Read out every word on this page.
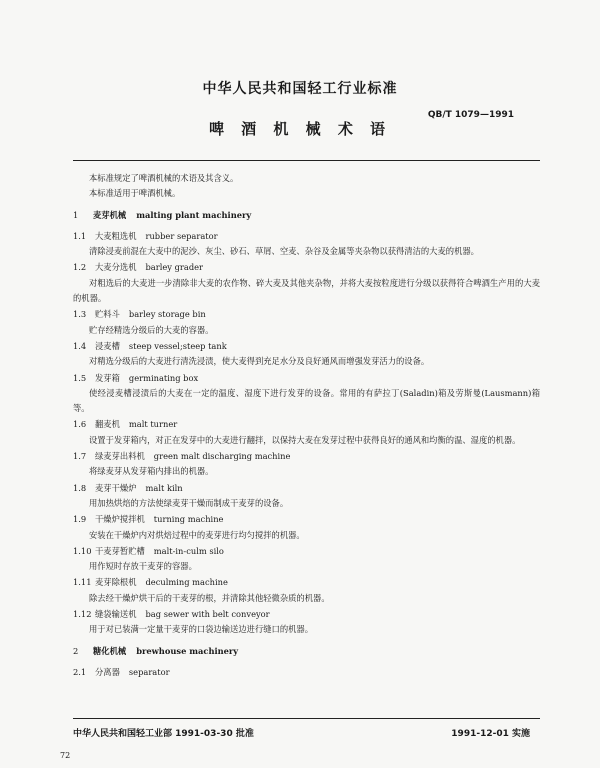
中华人民共和国轻工行业标准
QB/T 1079—1991
啤 酒 机 械 术 语
本标准规定了啤酒机械的术语及其含义。
本标准适用于啤酒机械。
1 麦芽机械 malting plant machinery
1.1 大麦粗选机 rubber separator
清除浸麦前混在大麦中的泥沙、灰尘、砂石、草屑、空麦、杂谷及金属等夹杂物以获得清洁的大麦的机器。
1.2 大麦分选机 barley grader
对粗选后的大麦进一步清除非大麦的农作物、碎大麦及其他夹杂物，并将大麦按粒度进行分级以获得符合啤酒生产用的大麦的机器。
1.3 贮料斗 barley storage bin
贮存经精选分级后的大麦的容器。
1.4 浸麦槽 steep vessel;steep tank
对精选分级后的大麦进行清洗浸渍，使大麦得到充足水分及良好通风而增强发芽活力的设备。
1.5 发芽箱 germinating box
使经浸麦槽浸渍后的大麦在一定的温度、湿度下进行发芽的设备。常用的有萨拉丁(Saladin)箱及劳斯曼(Lausmann)箱等。
1.6 翻麦机 malt turner
设置于发芽箱内，对正在发芽中的大麦进行翻拌，以保持大麦在发芽过程中获得良好的通风和均衡的温、湿度的机器。
1.7 绿麦芽出料机 green malt discharging machine
将绿麦芽从发芽箱内排出的机器。
1.8 麦芽干燥炉 malt kiln
用加热烘焙的方法使绿麦芽干燥而制成干麦芽的设备。
1.9 干燥炉搅拌机 turning machine
安装在干燥炉内对烘焙过程中的麦芽进行均匀搅拌的机器。
1.10 干麦芽暂贮槽 malt-in-culm silo
用作短时存放干麦芽的容器。
1.11 麦芽除根机 deculming machine
除去经干燥炉烘干后的干麦芽的根，并清除其他轻微杂质的机器。
1.12 缝袋输送机 bag sewer with belt conveyor
用于对已装满一定量干麦芽的口袋边输送边进行缝口的机器。
2 糖化机械 brewhouse machinery
2.1 分离器 separator
中华人民共和国轻工业部 1991-03-30 批准	1991-12-01 实施
72
